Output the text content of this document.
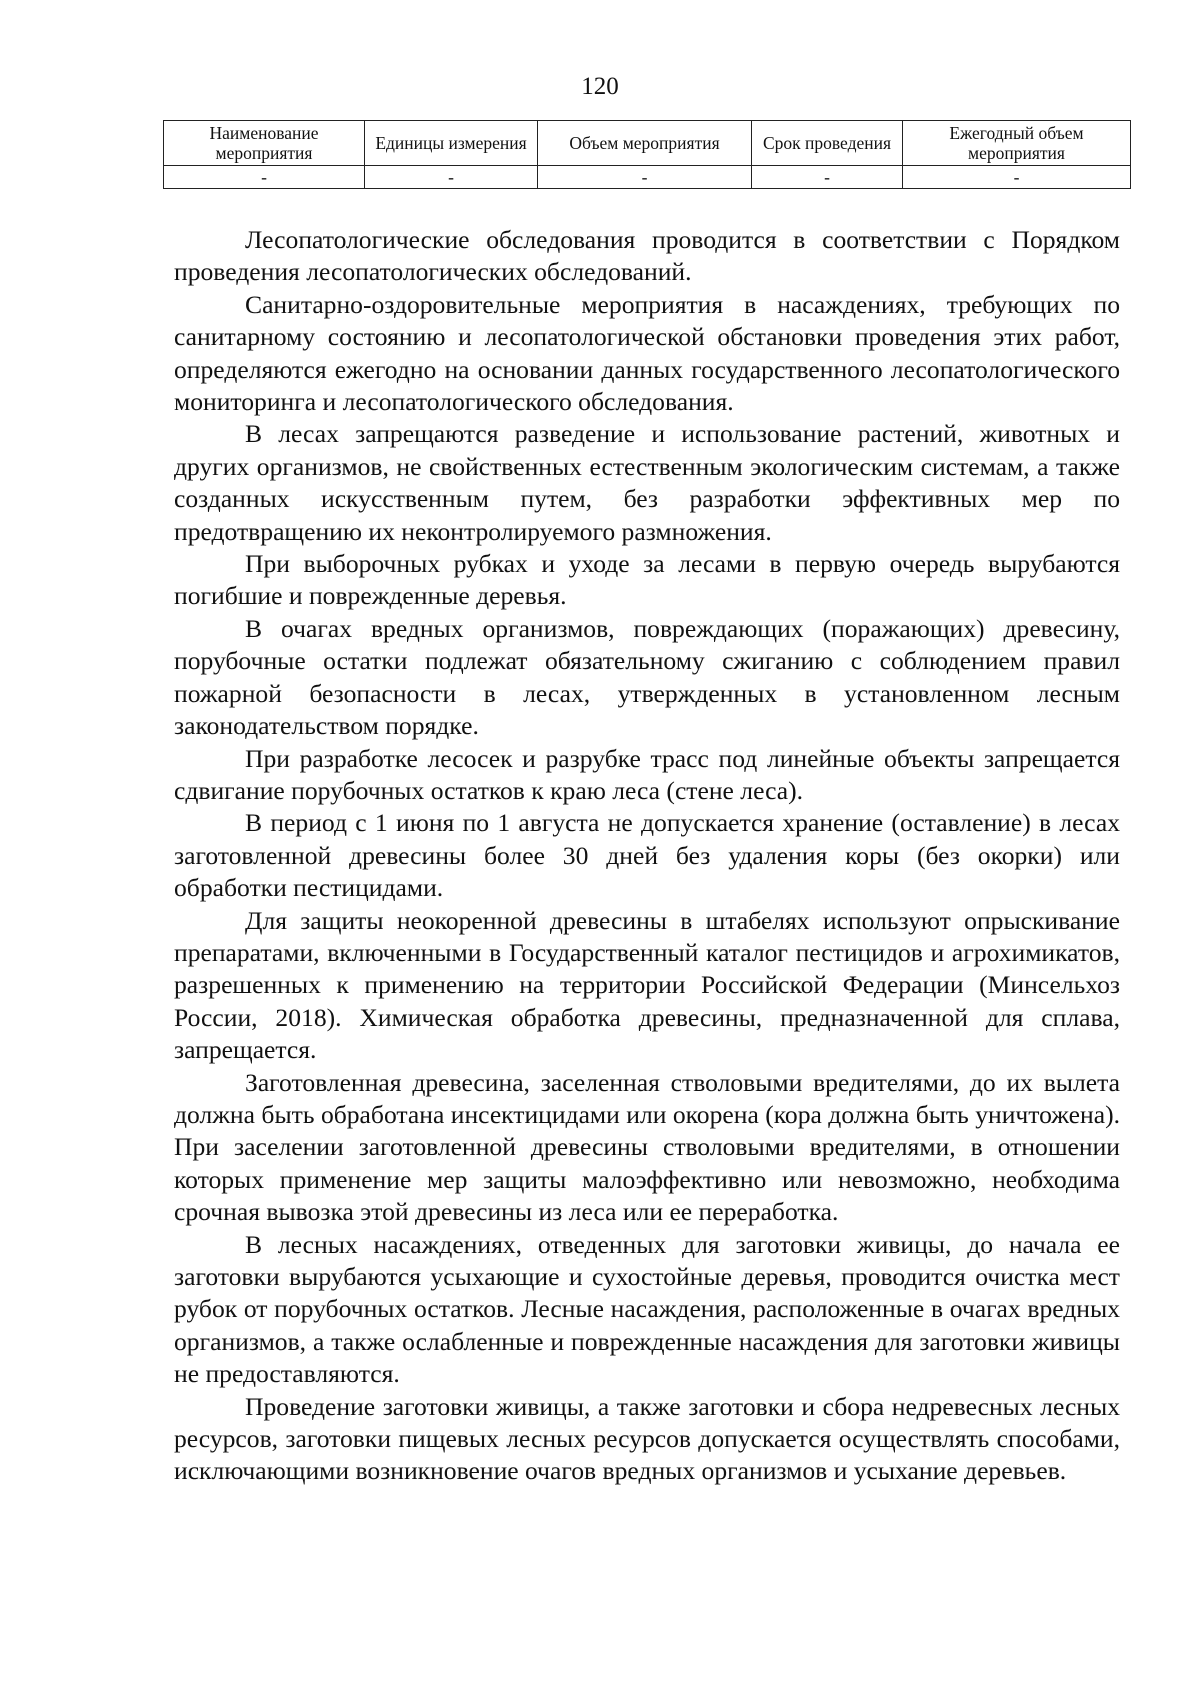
120
Наименование мероприятия	Единицы измерения	Объем мероприятия	Срок проведения	Ежегодный объем мероприятия
-	-	-	-	-

Лесопатологические обследования проводится в соответствии с Порядком проведения лесопатологических обследований.

Санитарно-оздоровительные мероприятия в насаждениях, требующих по санитарному состоянию и лесопатологической обстановки проведения этих работ, определяются ежегодно на основании данных государственного лесопатологического мониторинга и лесопатологического обследования.

В лесах запрещаются разведение и использование растений, животных и других организмов, не свойственных естественным экологическим системам, а также созданных искусственным путем, без разработки эффективных мер по предотвращению их неконтролируемого размножения.

При выборочных рубках и уходе за лесами в первую очередь вырубаются погибшие и поврежденные деревья.

В очагах вредных организмов, повреждающих (поражающих) древесину, порубочные остатки подлежат обязательному сжиганию с соблюдением правил пожарной безопасности в лесах, утвержденных в установленном лесным законодательством порядке.

При разработке лесосек и разрубке трасс под линейные объекты запрещается сдвигание порубочных остатков к краю леса (стене леса).

В период с 1 июня по 1 августа не допускается хранение (оставление) в лесах заготовленной древесины более 30 дней без удаления коры (без окорки) или обработки пестицидами.

Для защиты неокоренной древесины в штабелях используют опрыскивание препаратами, включенными в Государственный каталог пестицидов и агрохимикатов, разрешенных к применению на территории Российской Федерации (Минсельхоз России, 2018). Химическая обработка древесины, предназначенной для сплава, запрещается.

Заготовленная древесина, заселенная стволовыми вредителями, до их вылета должна быть обработана инсектицидами или окорена (кора должна быть уничтожена). При заселении заготовленной древесины стволовыми вредителями, в отношении которых применение мер защиты малоэффективно или невозможно, необходима срочная вывозка этой древесины из леса или ее переработка.

В лесных насаждениях, отведенных для заготовки живицы, до начала ее заготовки вырубаются усыхающие и сухостойные деревья, проводится очистка мест рубок от порубочных остатков. Лесные насаждения, расположенные в очагах вредных организмов, а также ослабленные и поврежденные насаждения для заготовки живицы не предоставляются.

Проведение заготовки живицы, а также заготовки и сбора недревесных лесных ресурсов, заготовки пищевых лесных ресурсов допускается осуществлять способами, исключающими возникновение очагов вредных организмов и усыхание деревьев.
